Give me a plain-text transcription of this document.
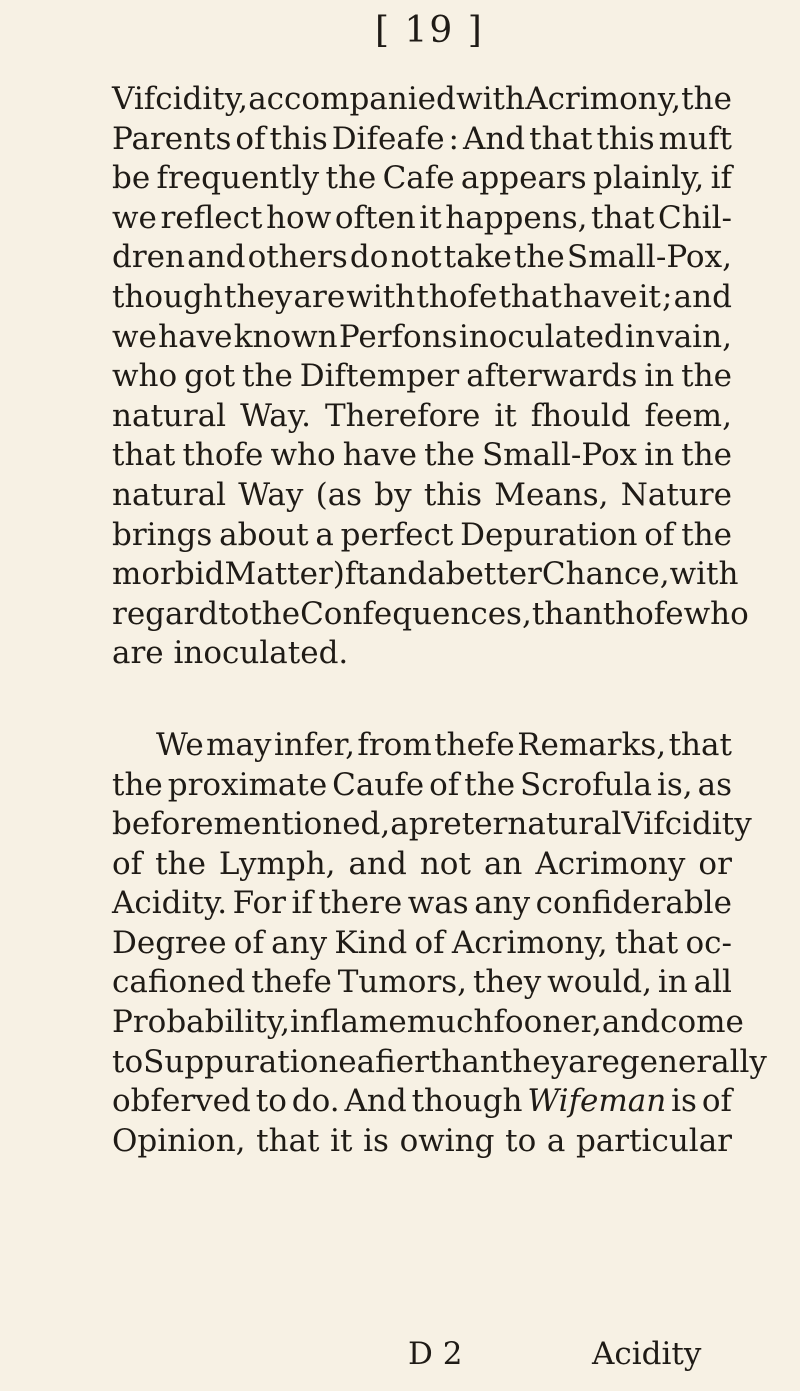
[ 19 ]
Vifcidity, accompanied with Acrimony, the
Parents of this Difeafe : And that this muft
be frequently the Cafe appears plainly, if
we reflect how often it happens, that Chil-
dren and others do not take the Small-Pox,
though they are with thofe that have it ; and
we have known Perfons inoculated in vain,
who got the Diftemper afterwards in the
natural Way. Therefore it fhould feem,
that thofe who have the Small-Pox in the
natural Way (as by this Means, Nature
brings about a perfect Depuration of the
morbid Matter) ftand a better Chance, with
regard to the Confequences, than thofe who
are inoculated.
We may infer, from thefe Remarks, that
the proximate Caufe of the Scrofula is, as
before mentioned, a preternatural Vifcidity
of the Lymph, and not an Acrimony or
Acidity. For if there was any confiderable
Degree of any Kind of Acrimony, that oc-
cafioned thefe Tumors, they would, in all
Probability, inflame much fooner, and come
to Suppuration eafier than they are generally
obferved to do. And though Wifeman is of
Opinion, that it is owing to a particular
D 2	Acidity
